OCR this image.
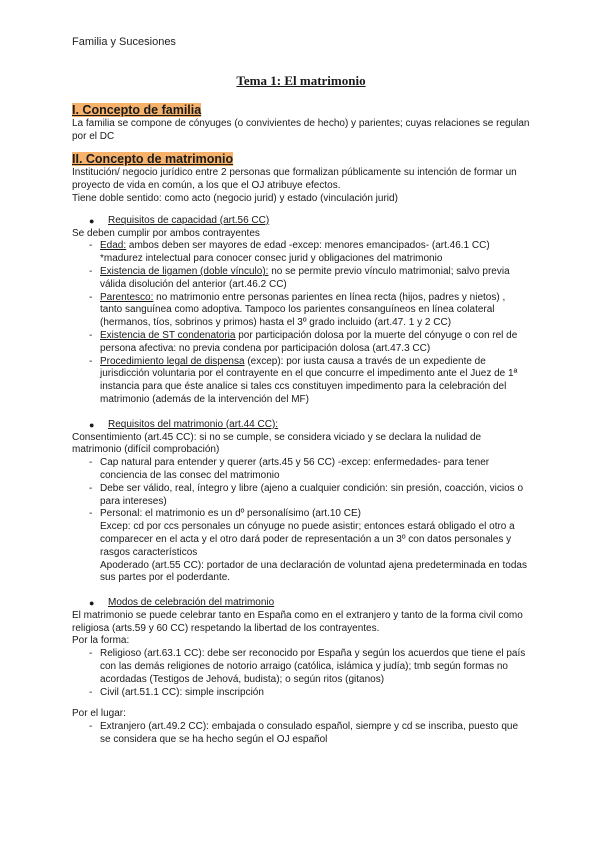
Familia y Sucesiones
Tema 1: El matrimonio
I. Concepto de familia

La familia se compone de cónyuges (o convivientes de hecho) y parientes; cuyas relaciones se regulan por el DC

II. Concepto de matrimonio

Institución/ negocio jurídico entre 2 personas que formalizan públicamente su intención de formar un proyecto de vida en común, a los que el OJ atribuye efectos.

Tiene doble sentido: como acto (negocio jurid) y estado (vinculación jurid)

● Requisitos de capacidad (art.56 CC)

Se deben cumplir por ambos contrayentes

- Edad: ambos deben ser mayores de edad -excep: menores emancipados- (art.46.1 CC) *madurez intelectual para conocer consec jurid y obligaciones del matrimonio
- Existencia de ligamen (doble vínculo): no se permite previo vínculo matrimonial; salvo previa válida disolución del anterior (art.46.2 CC)
- Parentesco: no matrimonio entre personas parientes en línea recta (hijos, padres y nietos) , tanto sanguínea como adoptiva. Tampoco los parientes consanguíneos en línea colateral (hermanos, tíos, sobrinos y primos) hasta el 3º grado incluido (art.47. 1 y 2 CC)
- Existencia de ST condenatoria por participación dolosa por la muerte del cónyuge o con rel de persona afectiva: no previa condena por participación dolosa (art.47.3 CC)
- Procedimiento legal de dispensa (excep): por iusta causa a través de un expediente de jurisdicción voluntaria por el contrayente en el que concurre el impedimento ante el Juez de 1ª instancia para que éste analice si tales ccs constituyen impedimento para la celebración del matrimonio (además de la intervención del MF)
● Requisitos del matrimonio (art.44 CC):

Consentimiento (art.45 CC): si no se cumple, se considera viciado y se declara la nulidad de matrimonio (difícil comprobación)

- Cap natural para entender y querer (arts.45 y 56 CC) -excep: enfermedades- para tener conciencia de las consec del matrimonio
- Debe ser válido, real, íntegro y libre (ajeno a cualquier condición: sin presión, coacción, vicios o para intereses)
- Personal: el matrimonio es un dº personalísimo (art.10 CE)
Excep: cd por ccs personales un cónyuge no puede asistir; entonces estará obligado el otro a comparecer en el acta y el otro dará poder de representación a un 3º con datos personales y rasgos característicos
Apoderado (art.55 CC): portador de una declaración de voluntad ajena predeterminada en todas sus partes por el poderdante.
● Modos de celebración del matrimonio

El matrimonio se puede celebrar tanto en España como en el extranjero y tanto de la forma civil como religiosa (arts.59 y 60 CC) respetando la libertad de los contrayentes.

Por la forma:

- Religioso (art.63.1 CC): debe ser reconocido por España y según los acuerdos que tiene el país con las demás religiones de notorio arraigo (católica, islámica y judía); tmb según formas no acordadas (Testigos de Jehová, budista); o según ritos (gitanos)
- Civil (art.51.1 CC): simple inscripción

Por el lugar:

- Extranjero (art.49.2 CC): embajada o consulado español, siempre y cd se inscriba, puesto que se considera que se ha hecho según el OJ español
